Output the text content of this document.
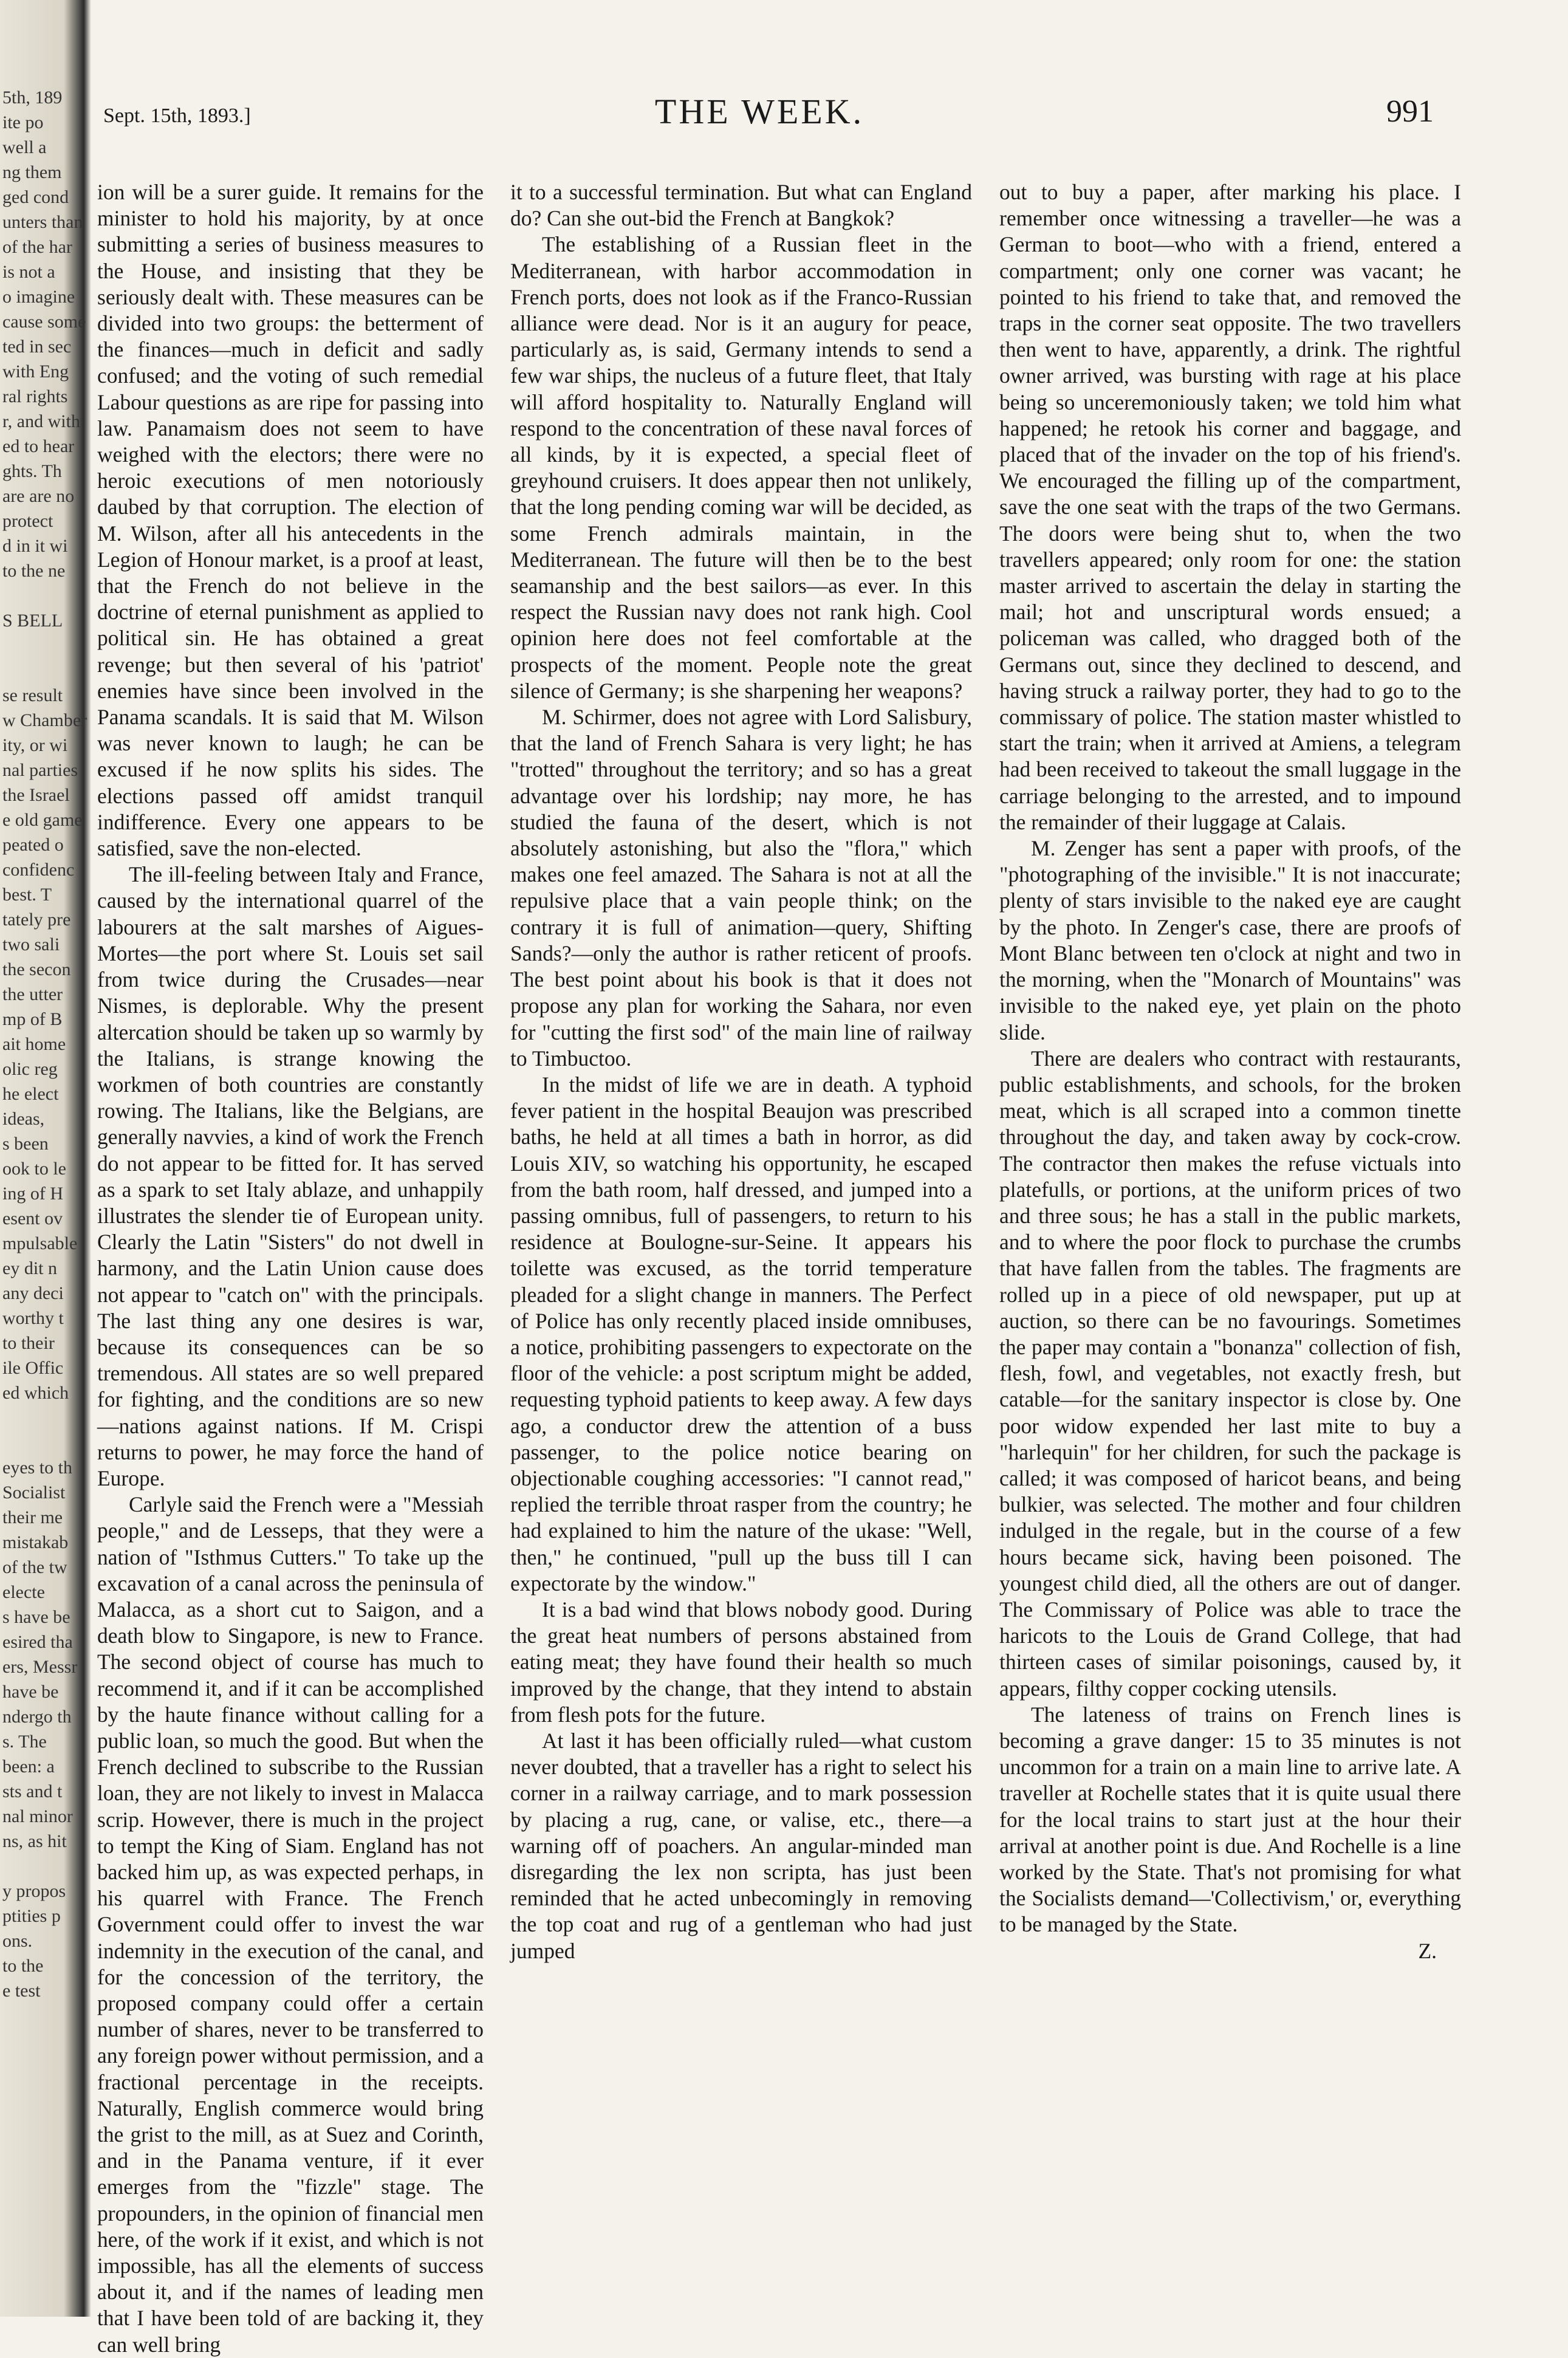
5th, 189
ite po
well a
ng them
ged cond
unters than
of the har
is not a
o imagine
cause some
ted in sec
with Eng
ral rights
r, and with
ed to hear
ghts. Th
are are no
protect
d in it wi
to the ne
S BELL
se result
w Chamber
ity, or wi
nal parties
the Israel
e old game
peated o
confidenc
best. T
tately pre
two sali
the secon
the utter
mp of B
ait home
olic reg
he elect
ideas,
s been
ook to le
ing of H
esent ov
mpulsable
ey dit n
any deci
worthy t
to their
ile Offic
ed which
eyes to th
Socialist
their me
mistakab
of the tw
electe
s have be
esired tha
ers, Messr
have be
ndergo th
s. The
been: a
sts and t
nal minor
ns, as hit
y propos
ptities p
ons.
to the
e test
Sept. 15th, 1893.]	THE WEEK.	991

ion will be a surer guide. It remains for the minister to hold his majority, by at once submitting a series of business measures to the House, and insisting that they be seriously dealt with. These measures can be divided into two groups: the betterment of the finances—much in deficit and sadly confused; and the voting of such remedial Labour questions as are ripe for passing into law. Panamaism does not seem to have weighed with the electors; there were no heroic executions of men notoriously daubed by that corruption. The election of M. Wilson, after all his antecedents in the Legion of Honour market, is a proof at least, that the French do not believe in the doctrine of eternal punishment as applied to political sin. He has obtained a great revenge; but then several of his 'patriot' enemies have since been involved in the Panama scandals. It is said that M. Wilson was never known to laugh; he can be excused if he now splits his sides. The elections passed off amidst tranquil indifference. Every one appears to be satisfied, save the non-elected.

The ill-feeling between Italy and France, caused by the international quarrel of the labourers at the salt marshes of Aigues-Mortes—the port where St. Louis set sail from twice during the Crusades—near Nismes, is deplorable. Why the present altercation should be taken up so warmly by the Italians, is strange knowing the workmen of both countries are constantly rowing. The Italians, like the Belgians, are generally navvies, a kind of work the French do not appear to be fitted for. It has served as a spark to set Italy ablaze, and unhappily illustrates the slender tie of European unity. Clearly the Latin "Sisters" do not dwell in harmony, and the Latin Union cause does not appear to "catch on" with the principals. The last thing any one desires is war, because its consequences can be so tremendous. All states are so well prepared for fighting, and the conditions are so new—nations against nations. If M. Crispi returns to power, he may force the hand of Europe.

Carlyle said the French were a "Messiah people," and de Lesseps, that they were a nation of "Isthmus Cutters." To take up the excavation of a canal across the peninsula of Malacca, as a short cut to Saigon, and a death blow to Singapore, is new to France. The second object of course has much to recommend it, and if it can be accomplished by the haute finance without calling for a public loan, so much the good. But when the French declined to subscribe to the Russian loan, they are not likely to invest in Malacca scrip. However, there is much in the project to tempt the King of Siam. England has not backed him up, as was expected perhaps, in his quarrel with France. The French Government could offer to invest the war indemnity in the execution of the canal, and for the concession of the territory, the proposed company could offer a certain number of shares, never to be transferred to any foreign power without permission, and a fractional percentage in the receipts. Naturally, English commerce would bring the grist to the mill, as at Suez and Corinth, and in the Panama venture, if it ever emerges from the "fizzle" stage. The propounders, in the opinion of financial men here, of the work if it exist, and which is not impossible, has all the elements of success about it, and if the names of leading men that I have been told of are backing it, they can well bring

it to a successful termination. But what can England do? Can she out-bid the French at Bangkok?

The establishing of a Russian fleet in the Mediterranean, with harbor accommodation in French ports, does not look as if the Franco-Russian alliance were dead. Nor is it an augury for peace, particularly as, is said, Germany intends to send a few war ships, the nucleus of a future fleet, that Italy will afford hospitality to. Naturally England will respond to the concentration of these naval forces of all kinds, by it is expected, a special fleet of greyhound cruisers. It does appear then not unlikely, that the long pending coming war will be decided, as some French admirals maintain, in the Mediterranean. The future will then be to the best seamanship and the best sailors—as ever. In this respect the Russian navy does not rank high. Cool opinion here does not feel comfortable at the prospects of the moment. People note the great silence of Germany; is she sharpening her weapons?

M. Schirmer, does not agree with Lord Salisbury, that the land of French Sahara is very light; he has "trotted" throughout the territory; and so has a great advantage over his lordship; nay more, he has studied the fauna of the desert, which is not absolutely astonishing, but also the "flora," which makes one feel amazed. The Sahara is not at all the repulsive place that a vain people think; on the contrary it is full of animation—query, Shifting Sands?—only the author is rather reticent of proofs. The best point about his book is that it does not propose any plan for working the Sahara, nor even for "cutting the first sod" of the main line of railway to Timbuctoo.

In the midst of life we are in death. A typhoid fever patient in the hospital Beaujon was prescribed baths, he held at all times a bath in horror, as did Louis XIV, so watching his opportunity, he escaped from the bath room, half dressed, and jumped into a passing omnibus, full of passengers, to return to his residence at Boulogne-sur-Seine. It appears his toilette was excused, as the torrid temperature pleaded for a slight change in manners. The Perfect of Police has only recently placed inside omnibuses, a notice, prohibiting passengers to expectorate on the floor of the vehicle: a post scriptum might be added, requesting typhoid patients to keep away. A few days ago, a conductor drew the attention of a buss passenger, to the police notice bearing on objectionable coughing accessories: "I cannot read," replied the terrible throat rasper from the country; he had explained to him the nature of the ukase: "Well, then," he continued, "pull up the buss till I can expectorate by the window."

It is a bad wind that blows nobody good. During the great heat numbers of persons abstained from eating meat; they have found their health so much improved by the change, that they intend to abstain from flesh pots for the future.

At last it has been officially ruled—what custom never doubted, that a traveller has a right to select his corner in a railway carriage, and to mark possession by placing a rug, cane, or valise, etc., there—a warning off of poachers. An angular-minded man disregarding the lex non scripta, has just been reminded that he acted unbecomingly in removing the top coat and rug of a gentleman who had just jumped

out to buy a paper, after marking his place. I remember once witnessing a traveller—he was a German to boot—who with a friend, entered a compartment; only one corner was vacant; he pointed to his friend to take that, and removed the traps in the corner seat opposite. The two travellers then went to have, apparently, a drink. The rightful owner arrived, was bursting with rage at his place being so unceremoniously taken; we told him what happened; he retook his corner and baggage, and placed that of the invader on the top of his friend's. We encouraged the filling up of the compartment, save the one seat with the traps of the two Germans. The doors were being shut to, when the two travellers appeared; only room for one: the station master arrived to ascertain the delay in starting the mail; hot and unscriptural words ensued; a policeman was called, who dragged both of the Germans out, since they declined to descend, and having struck a railway porter, they had to go to the commissary of police. The station master whistled to start the train; when it arrived at Amiens, a telegram had been received to takeout the small luggage in the carriage belonging to the arrested, and to impound the remainder of their luggage at Calais.

M. Zenger has sent a paper with proofs, of the "photographing of the invisible." It is not inaccurate; plenty of stars invisible to the naked eye are caught by the photo. In Zenger's case, there are proofs of Mont Blanc between ten o'clock at night and two in the morning, when the "Monarch of Mountains" was invisible to the naked eye, yet plain on the photo slide.

There are dealers who contract with restaurants, public establishments, and schools, for the broken meat, which is all scraped into a common tinette throughout the day, and taken away by cock-crow. The contractor then makes the refuse victuals into platefulls, or portions, at the uniform prices of two and three sous; he has a stall in the public markets, and to where the poor flock to purchase the crumbs that have fallen from the tables. The fragments are rolled up in a piece of old newspaper, put up at auction, so there can be no favourings. Sometimes the paper may contain a "bonanza" collection of fish, flesh, fowl, and vegetables, not exactly fresh, but catable—for the sanitary inspector is close by. One poor widow expended her last mite to buy a "harlequin" for her children, for such the package is called; it was composed of haricot beans, and being bulkier, was selected. The mother and four children indulged in the regale, but in the course of a few hours became sick, having been poisoned. The youngest child died, all the others are out of danger. The Commissary of Police was able to trace the haricots to the Louis de Grand College, that had thirteen cases of similar poisonings, caused by, it appears, filthy copper cocking utensils.

The lateness of trains on French lines is becoming a grave danger: 15 to 35 minutes is not uncommon for a train on a main line to arrive late. A traveller at Rochelle states that it is quite usual there for the local trains to start just at the hour their arrival at another point is due. And Rochelle is a line worked by the State. That's not promising for what the Socialists demand—'Collectivism,' or, everything to be managed by the State.

Z.
